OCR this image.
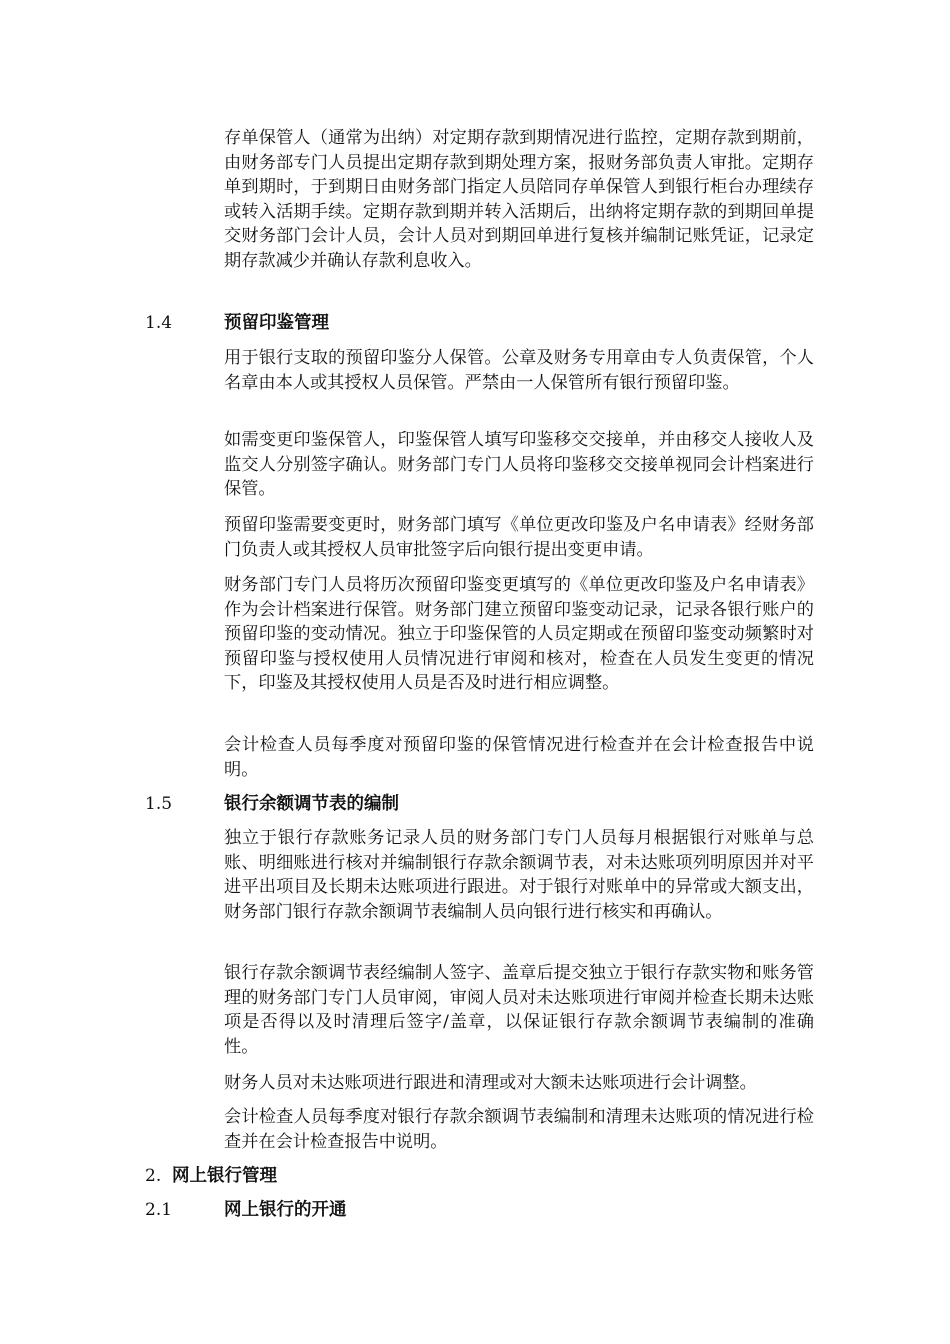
存单保管人（通常为出纳）对定期存款到期情况进行监控，定期存款到期前，由财务部专门人员提出定期存款到期处理方案，报财务部负责人审批。定期存单到期时，于到期日由财务部门指定人员陪同存单保管人到银行柜台办理续存或转入活期手续。定期存款到期并转入活期后，出纳将定期存款的到期回单提交财务部门会计人员，会计人员对到期回单进行复核并编制记账凭证，记录定期存款减少并确认存款利息收入。

1.4	预留印鉴管理

用于银行支取的预留印鉴分人保管。公章及财务专用章由专人负责保管，个人名章由本人或其授权人员保管。严禁由一人保管所有银行预留印鉴。

如需变更印鉴保管人，印鉴保管人填写印鉴移交交接单，并由移交人接收人及监交人分别签字确认。财务部门专门人员将印鉴移交交接单视同会计档案进行保管。

预留印鉴需要变更时，财务部门填写《单位更改印鉴及户名申请表》经财务部门负责人或其授权人员审批签字后向银行提出变更申请。

财务部门专门人员将历次预留印鉴变更填写的《单位更改印鉴及户名申请表》作为会计档案进行保管。财务部门建立预留印鉴变动记录，记录各银行账户的预留印鉴的变动情况。独立于印鉴保管的人员定期或在预留印鉴变动频繁时对预留印鉴与授权使用人员情况进行审阅和核对，检查在人员发生变更的情况下，印鉴及其授权使用人员是否及时进行相应调整。

会计检查人员每季度对预留印鉴的保管情况进行检查并在会计检查报告中说明。

1.5	银行余额调节表的编制

独立于银行存款账务记录人员的财务部门专门人员每月根据银行对账单与总账、明细账进行核对并编制银行存款余额调节表，对未达账项列明原因并对平进平出项目及长期未达账项进行跟进。对于银行对账单中的异常或大额支出，财务部门银行存款余额调节表编制人员向银行进行核实和再确认。

银行存款余额调节表经编制人签字、盖章后提交独立于银行存款实物和账务管理的财务部门专门人员审阅，审阅人员对未达账项进行审阅并检查长期未达账项是否得以及时清理后签字/盖章，以保证银行存款余额调节表编制的准确性。

财务人员对未达账项进行跟进和清理或对大额未达账项进行会计调整。

会计检查人员每季度对银行存款余额调节表编制和清理未达账项的情况进行检查并在会计检查报告中说明。

2. 网上银行管理
2.1	网上银行的开通
